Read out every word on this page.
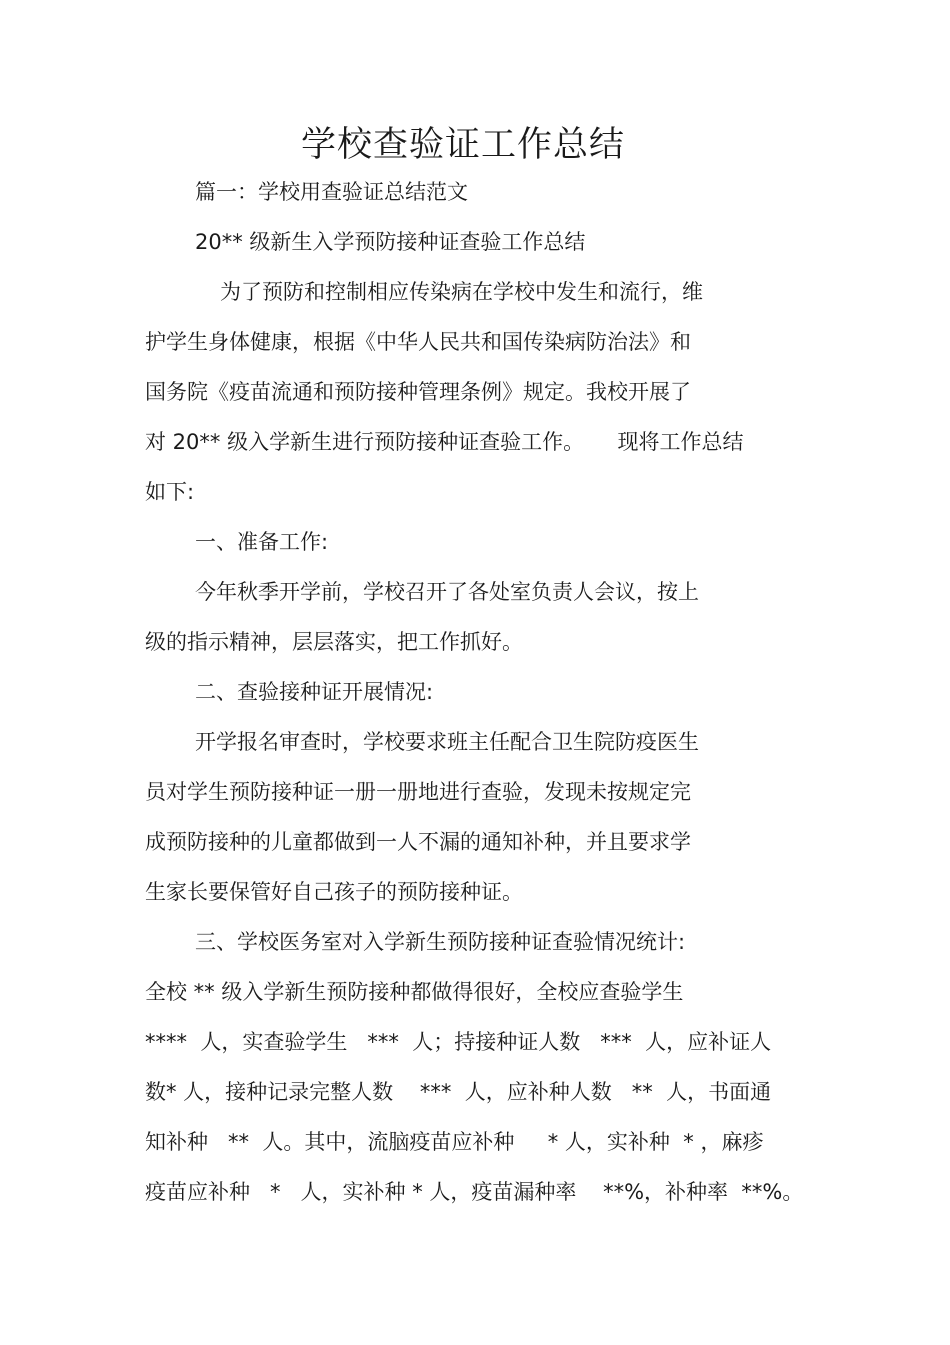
学校查验证工作总结
篇一：学校用查验证总结范文
20** 级新生入学预防接种证查验工作总结
为了预防和控制相应传染病在学校中发生和流行，维
护学生身体健康，根据《中华人民共和国传染病防治法》和
国务院《疫苗流通和预防接种管理条例》规定。我校开展了
对 20** 级入学新生进行预防接种证查验工作。     现将工作总结
如下:
一、准备工作:
今年秋季开学前，学校召开了各处室负责人会议，按上
级的指示精神，层层落实，把工作抓好。
二、查验接种证开展情况:
开学报名审查时，学校要求班主任配合卫生院防疫医生
员对学生预防接种证一册一册地进行查验，发现未按规定完
成预防接种的儿童都做到一人不漏的通知补种，并且要求学
生家长要保管好自己孩子的预防接种证。
三、学校医务室对入学新生预防接种证查验情况统计:
全校 ** 级入学新生预防接种都做得很好，全校应查验学生
****  人，实查验学生   ***  人；持接种证人数   ***  人，应补证人
数* 人，接种记录完整人数    ***  人，应补种人数   **  人，书面通
知补种   **  人。其中，流脑疫苗应补种     * 人，实补种  * ，麻疹
疫苗应补种   *   人，实补种 * 人，疫苗漏种率    **%，补种率  **%。
